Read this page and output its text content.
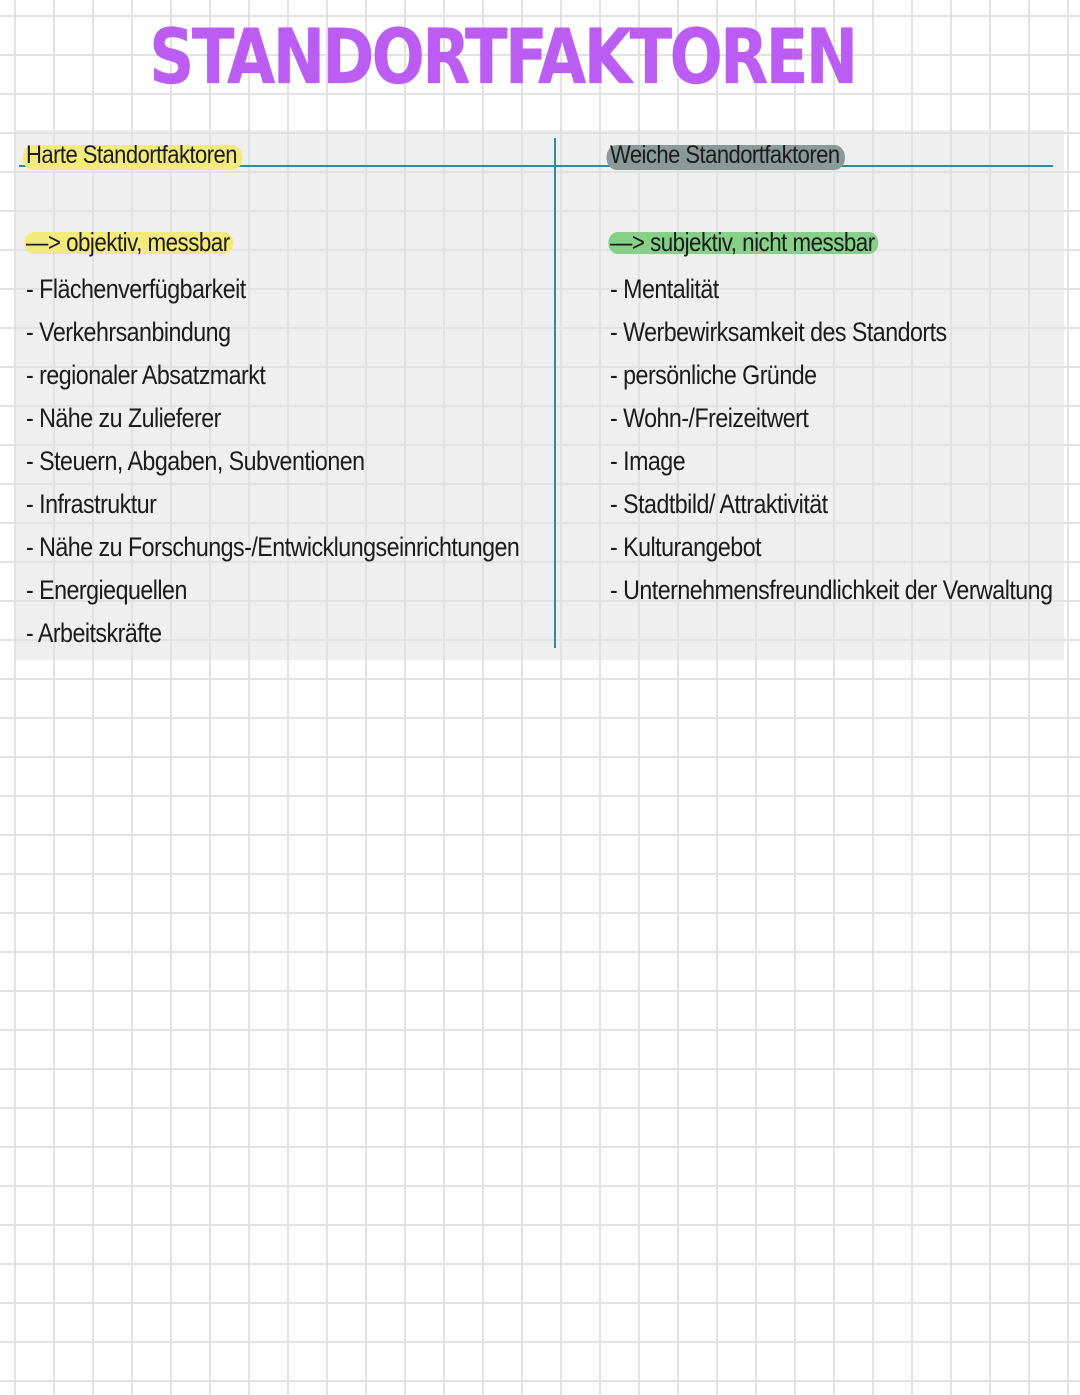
STANDORTFAKTOREN
Harte Standortfaktoren
—> objektiv, messbar
- Flächenverfügbarkeit
- Verkehrsanbindung
- regionaler Absatzmarkt
- Nähe zu Zulieferer
- Steuern, Abgaben, Subventionen
- Infrastruktur
- Nähe zu Forschungs-/Entwicklungseinrichtungen
- Energiequellen
- Arbeitskräfte
Weiche Standortfaktoren
—> subjektiv, nicht messbar
- Mentalität
- Werbewirksamkeit des Standorts
- persönliche Gründe
- Wohn-/Freizeitwert
- Image
- Stadtbild/ Attraktivität
- Kulturangebot
- Unternehmensfreundlichkeit der Verwaltung
